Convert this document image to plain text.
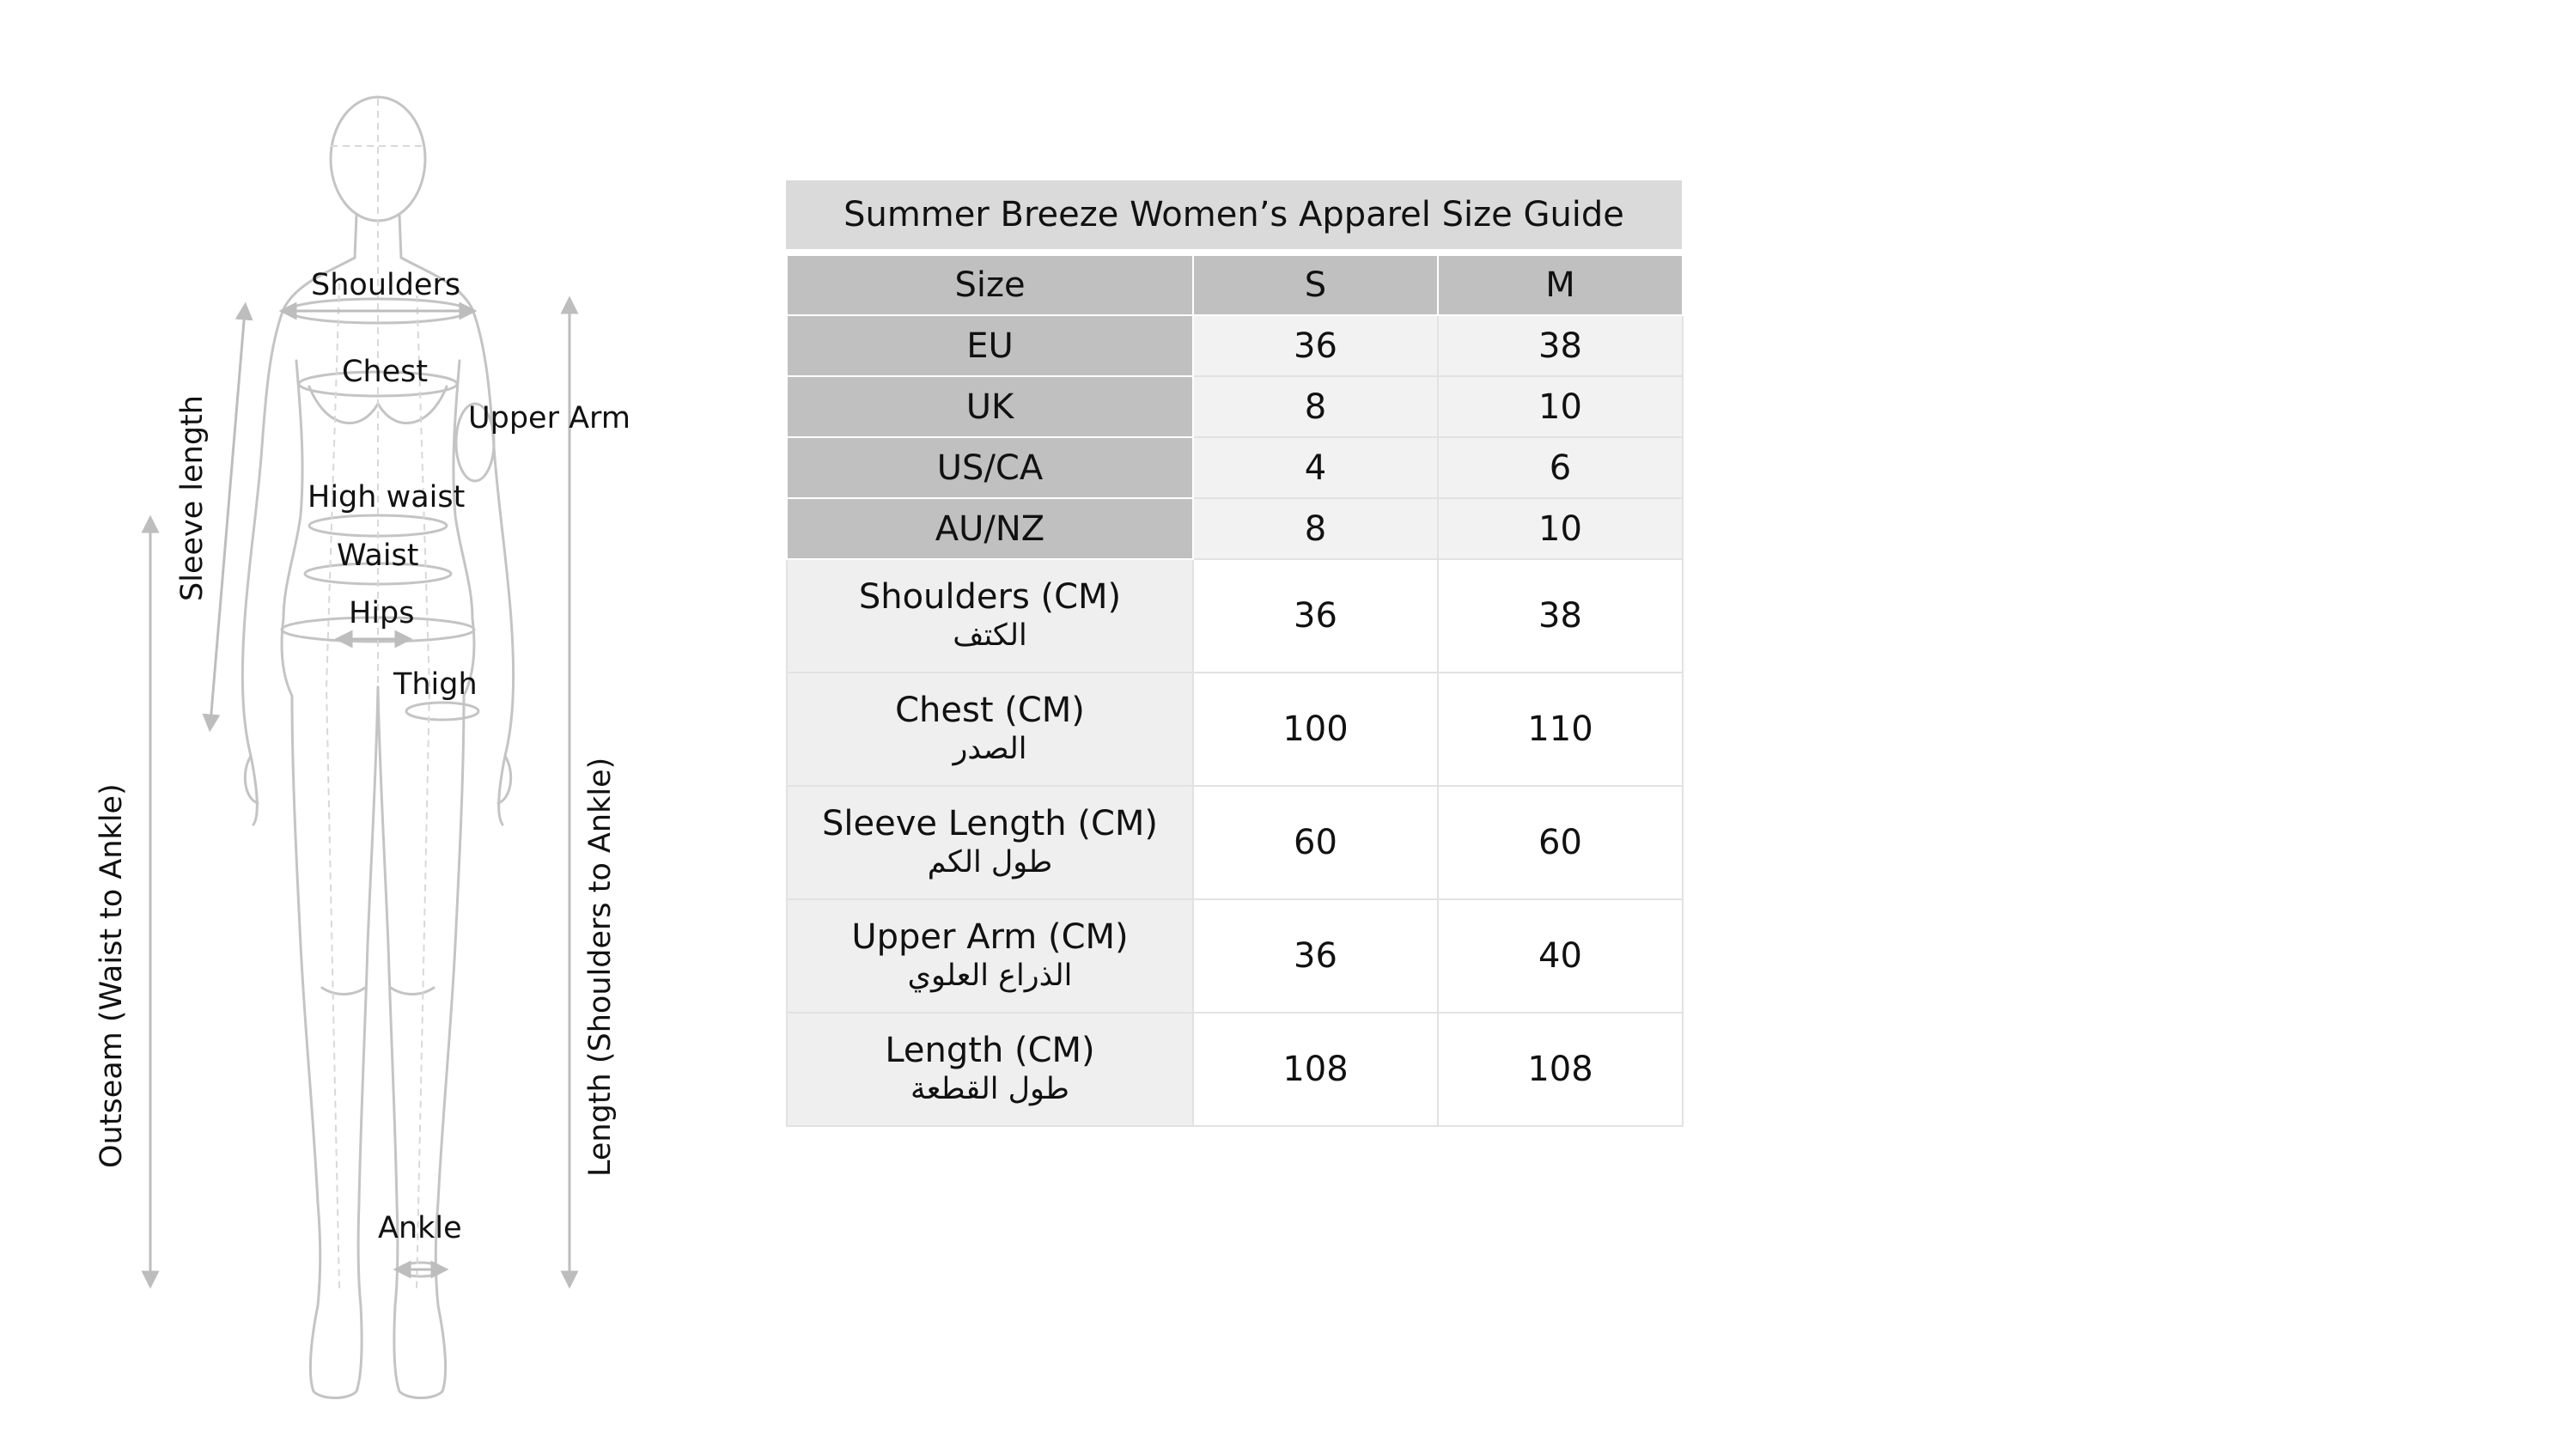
Shoulders
Chest
Upper Arm
High waist
Waist
Hips
Thigh
Ankle
Sleeve length
Outseam (Waist to Ankle)	Length (Shoulders to Ankle)
Summer Breeze Women’s Apparel Size Guide
Size	S	M
EU	36	38
UK	8	10
US/CA	4	6
AU/NZ	8	10

Shoulders (CM)
الكتف	36	38

Chest (CM)
الصدر	100	110

Sleeve Length (CM)
طول الكم	60	60

Upper Arm (CM)
الذراع العلوي	36	40

Length (CM)
طول القطعة	108	108
